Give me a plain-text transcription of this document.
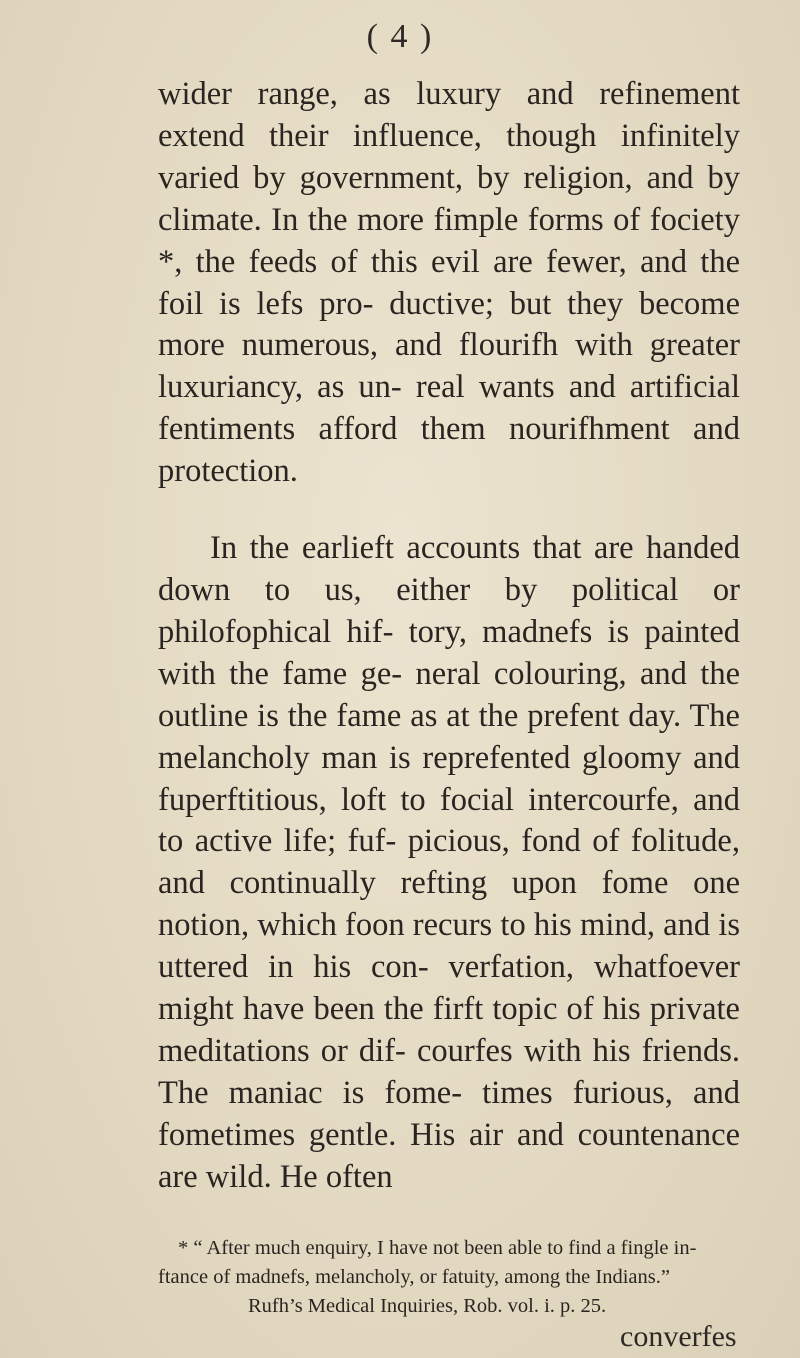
( 4 )

wider range, as luxury and refinement extend their influence, though infinitely varied by government, by religion, and by climate. In the more fimple forms of fociety *, the feeds of this evil are fewer, and the foil is lefs pro- ductive; but they become more numerous, and flourifh with greater luxuriancy, as un- real wants and artificial fentiments afford them nourifhment and protection.

In the earlieft accounts that are handed down to us, either by political or philofophical hif- tory, madnefs is painted with the fame ge- neral colouring, and the outline is the fame as at the prefent day. The melancholy man is reprefented gloomy and fuperftitious, loft to focial intercourfe, and to active life; fuf- picious, fond of folitude, and continually refting upon fome one notion, which foon recurs to his mind, and is uttered in his con- verfation, whatfoever might have been the firft topic of his private meditations or dif- courfes with his friends. The maniac is fome- times furious, and fometimes gentle. His air and countenance are wild. He often

* “ After much enquiry, I have not been able to find a fingle in- ftance of madnefs, melancholy, or fatuity, among the Indians.”
Rufh’s Medical Inquiries, Rob. vol. i. p. 25.
converfes
